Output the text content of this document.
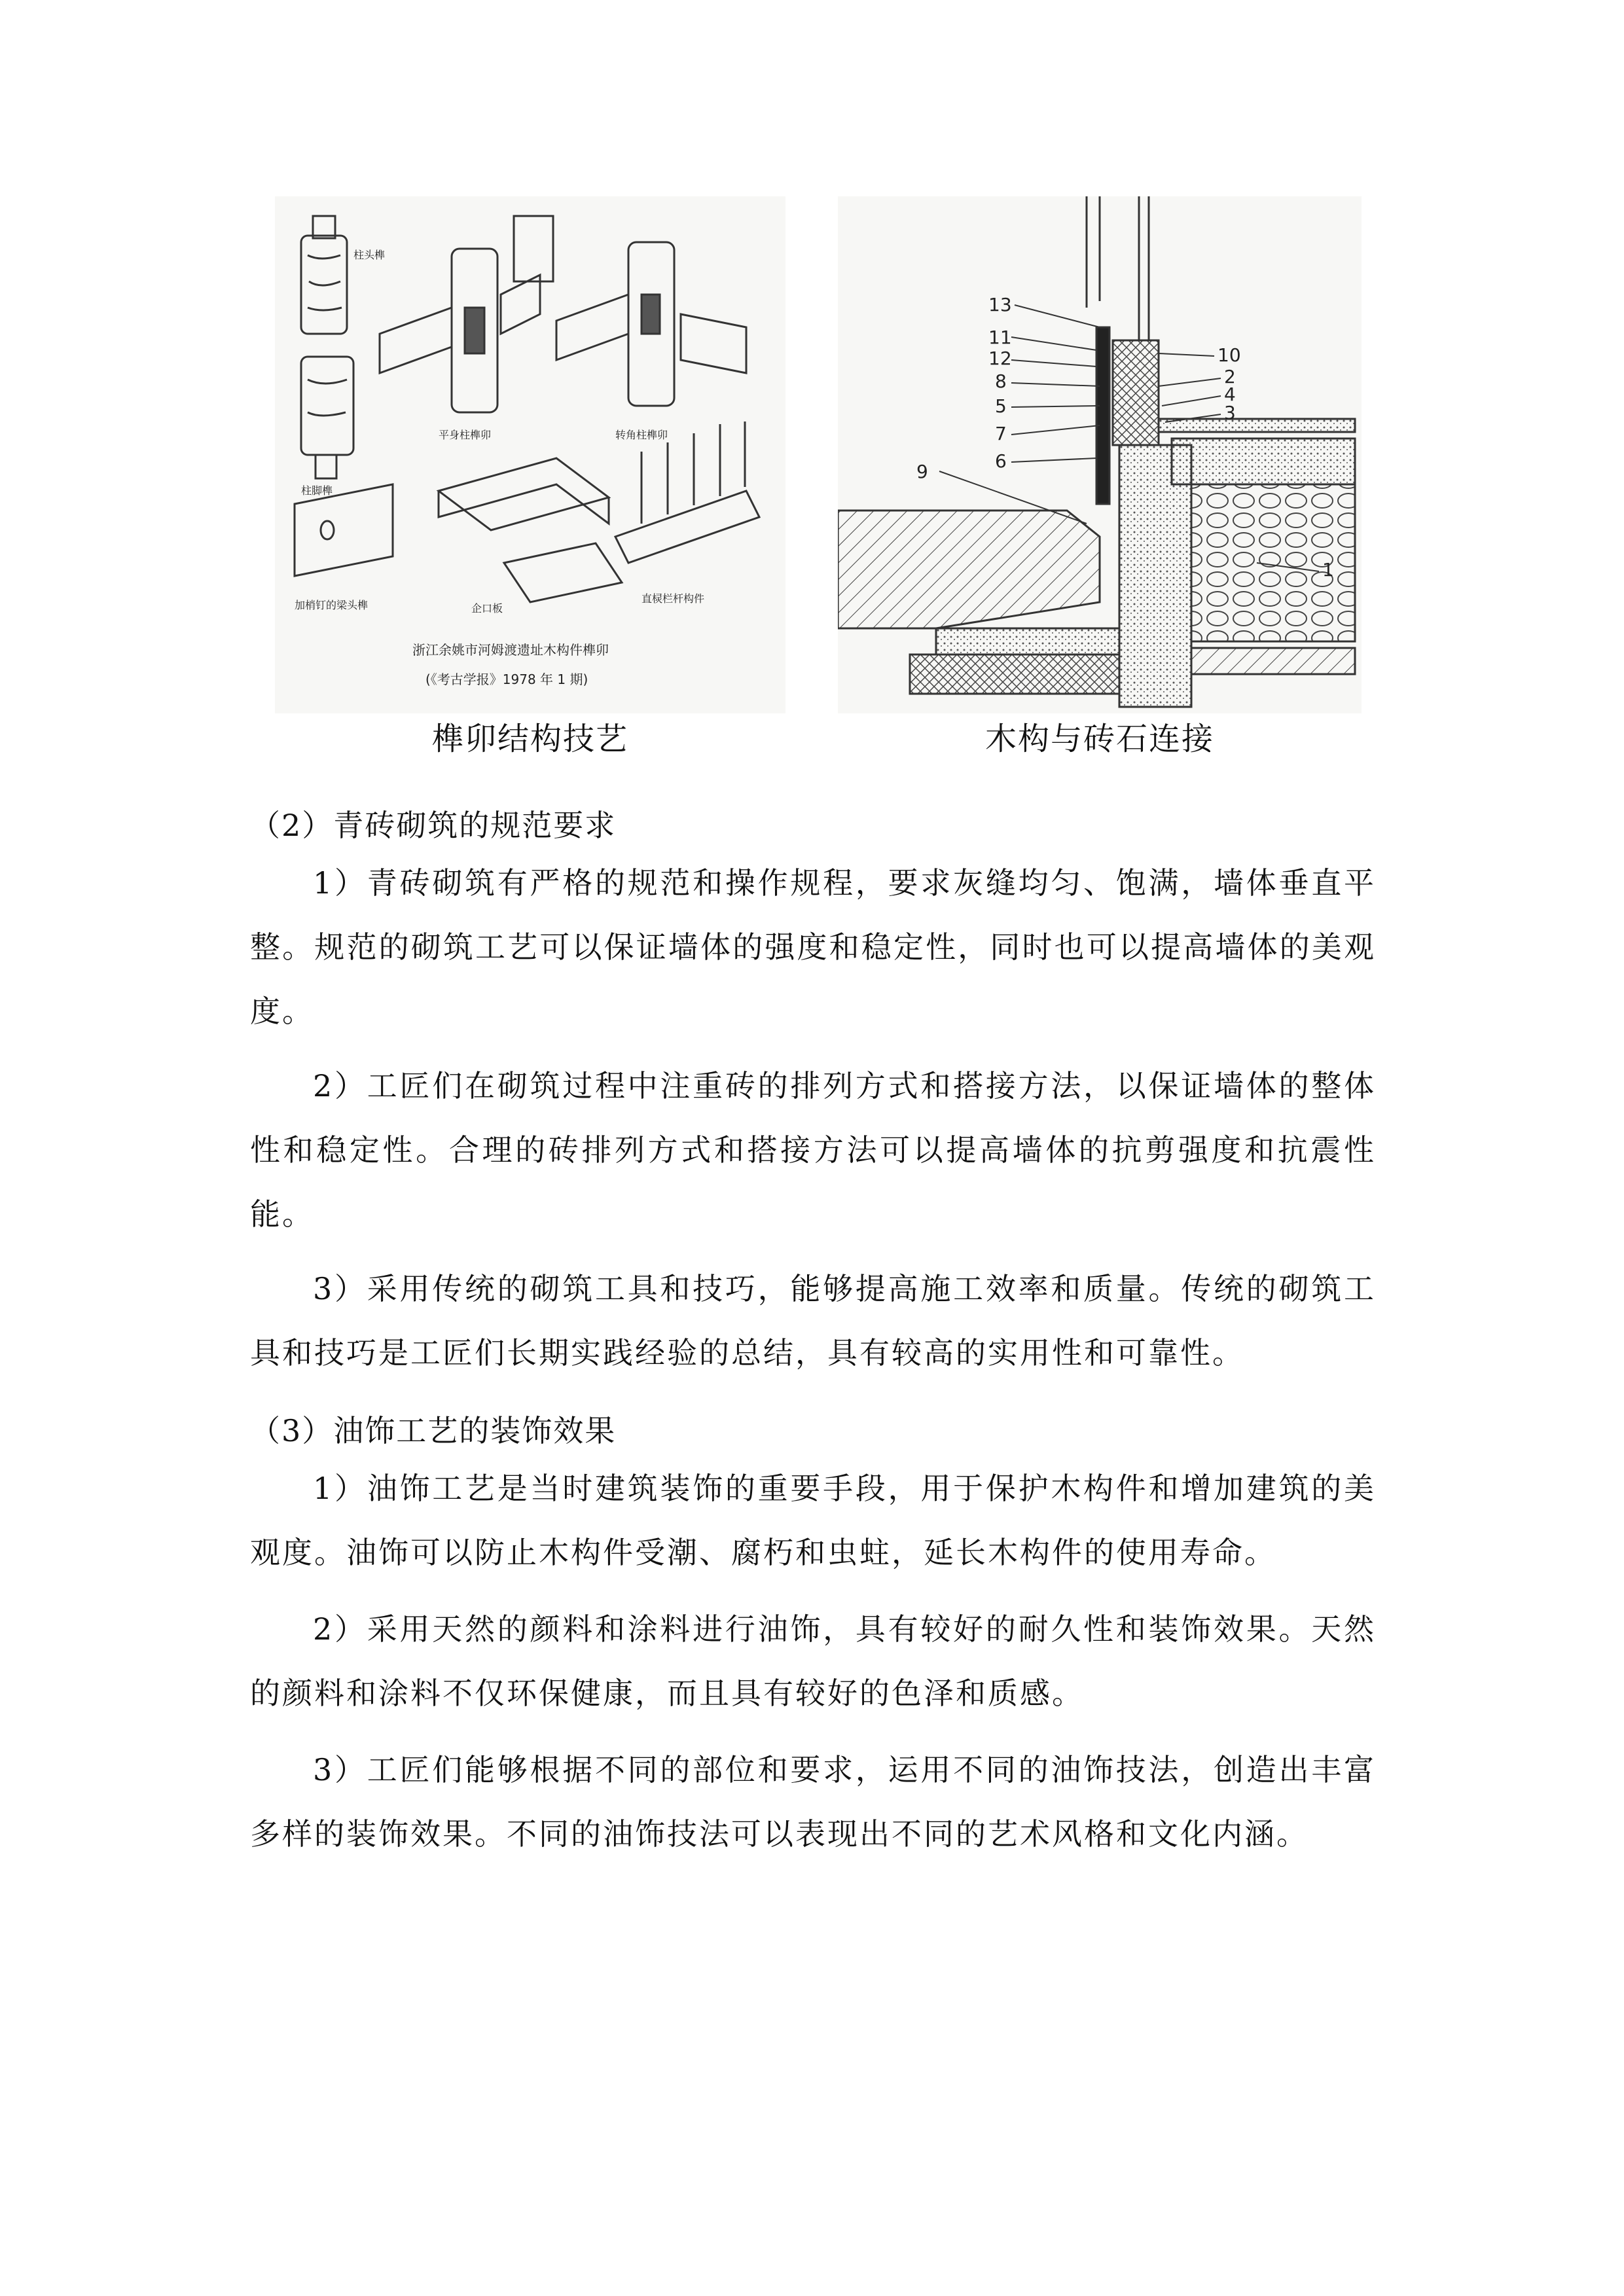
柱头榫
平身柱榫卯	转角柱榫卯
柱脚榫
加梢钉的梁头榫	企口板
直棂栏杆构件
浙江余姚市河姆渡遗址木构件榫卯
(《考古学报》1978 年 1 期)
榫卯结构技艺
13
11
12
8
5
7
6
9
10
2
4
3
1
木构与砖石连接
（2）青砖砌筑的规范要求

1）青砖砌筑有严格的规范和操作规程，要求灰缝均匀、饱满，墙体垂直平整。规范的砌筑工艺可以保证墙体的强度和稳定性，同时也可以提高墙体的美观度。

2）工匠们在砌筑过程中注重砖的排列方式和搭接方法，以保证墙体的整体性和稳定性。合理的砖排列方式和搭接方法可以提高墙体的抗剪强度和抗震性能。

3）采用传统的砌筑工具和技巧，能够提高施工效率和质量。传统的砌筑工具和技巧是工匠们长期实践经验的总结，具有较高的实用性和可靠性。

（3）油饰工艺的装饰效果

1）油饰工艺是当时建筑装饰的重要手段，用于保护木构件和增加建筑的美观度。油饰可以防止木构件受潮、腐朽和虫蛀，延长木构件的使用寿命。

2）采用天然的颜料和涂料进行油饰，具有较好的耐久性和装饰效果。天然的颜料和涂料不仅环保健康，而且具有较好的色泽和质感。

3）工匠们能够根据不同的部位和要求，运用不同的油饰技法，创造出丰富多样的装饰效果。不同的油饰技法可以表现出不同的艺术风格和文化内涵。
